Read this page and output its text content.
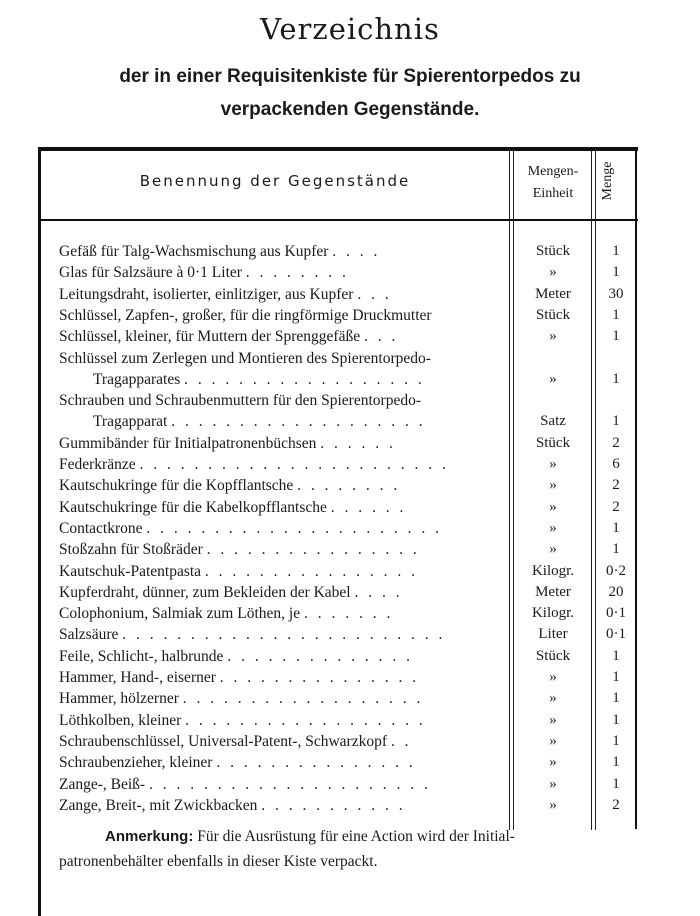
Verzeichnis
der in einer Requisitenkiste für Spierentorpedos zu
verpackenden Gegenstände.
Benennung der Gegenstände
Mengen-
Einheit	Menge
Gefäß für Talg-Wachsmischung aus Kupfer . . . .	Stück	1
Glas für Salzsäure à 0·1 Liter . . . . . . . .	»	1
Leitungsdraht, isolierter, einlitziger, aus Kupfer . . .	Meter	30
Schlüssel, Zapfen-, großer, für die ringförmige Druckmutter	Stück	1
Schlüssel, kleiner, für Muttern der Sprenggefäße . . .	»	1
Schlüssel zum Zerlegen und Montieren des Spierentorpedo-
Tragapparates . . . . . . . . . . . . . . . . . .	»	1
Schrauben und Schraubenmuttern für den Spierentorpedo-
Tragapparat . . . . . . . . . . . . . . . . . . .	Satz	1
Gummibänder für Initialpatronenbüchsen . . . . . .	Stück	2
Federkränze . . . . . . . . . . . . . . . . . . . . . . .	»	6
Kautschukringe für die Kopfflantsche . . . . . . . .	»	2
Kautschukringe für die Kabelkopfflantsche . . . . . .	»	2
Contactkrone . . . . . . . . . . . . . . . . . . . . . .	»	1
Stoßzahn für Stoßräder . . . . . . . . . . . . . . . .	»	1
Kautschuk-Patentpasta . . . . . . . . . . . . . . . .	Kilogr.	0·2
Kupferdraht, dünner, zum Bekleiden der Kabel . . . .	Meter	20
Colophonium, Salmiak zum Löthen, je . . . . . . .	Kilogr.	0·1
Salzsäure . . . . . . . . . . . . . . . . . . . . . . . .	Liter	0·1
Feile, Schlicht-, halbrunde . . . . . . . . . . . . . .	Stück	1
Hammer, Hand-, eiserner . . . . . . . . . . . . . . .	»	1
Hammer, hölzerner . . . . . . . . . . . . . . . . . .	»	1
Löthkolben, kleiner . . . . . . . . . . . . . . . . . .	»	1
Schraubenschlüssel, Universal-Patent-, Schwarzkopf . .	»	1
Schraubenzieher, kleiner . . . . . . . . . . . . . . .	»	1
Zange-, Beiß- . . . . . . . . . . . . . . . . . . . . .	»	1
Zange, Breit-, mit Zwickbacken . . . . . . . . . . .	»	2
Anmerkung: Für die Ausrüstung für eine Action wird der Initial-
patronenbehälter ebenfalls in dieser Kiste verpackt.
